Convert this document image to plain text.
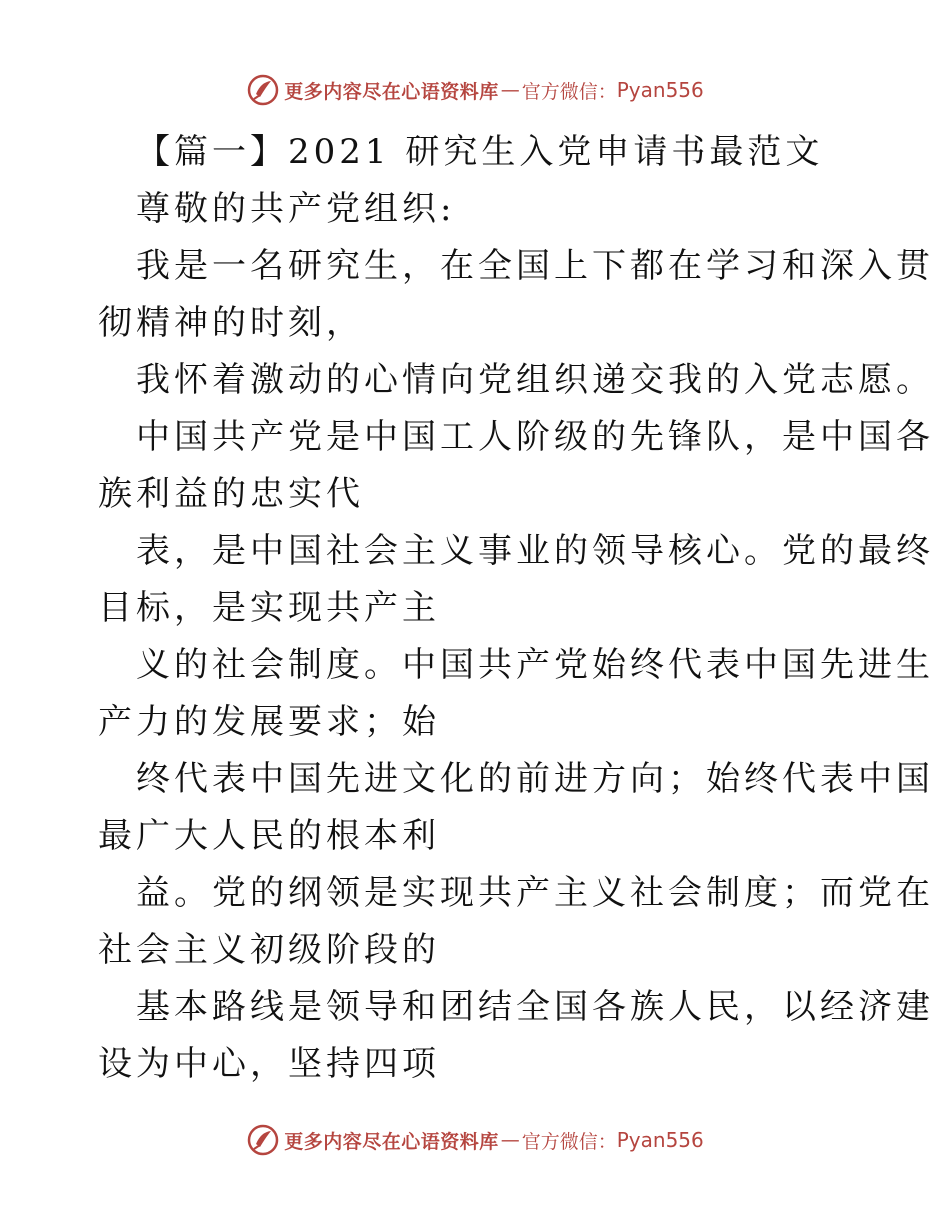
更多内容尽在心语资料库 — 官方微信： Pyan556
【篇一】2021 研究生入党申请书最范文
尊敬的共产党组织:
我是一名研究生，在全国上下都在学习和深入贯
彻精神的时刻，
我怀着激动的心情向党组织递交我的入党志愿。
中国共产党是中国工人阶级的先锋队，是中国各
族利益的忠实代
表，是中国社会主义事业的领导核心。党的最终
目标，是实现共产主
义的社会制度。中国共产党始终代表中国先进生
产力的发展要求；始
终代表中国先进文化的前进方向；始终代表中国
最广大人民的根本利
益。党的纲领是实现共产主义社会制度；而党在
社会主义初级阶段的
基本路线是领导和团结全国各族人民，以经济建
设为中心，坚持四项
更多内容尽在心语资料库 — 官方微信： Pyan556
